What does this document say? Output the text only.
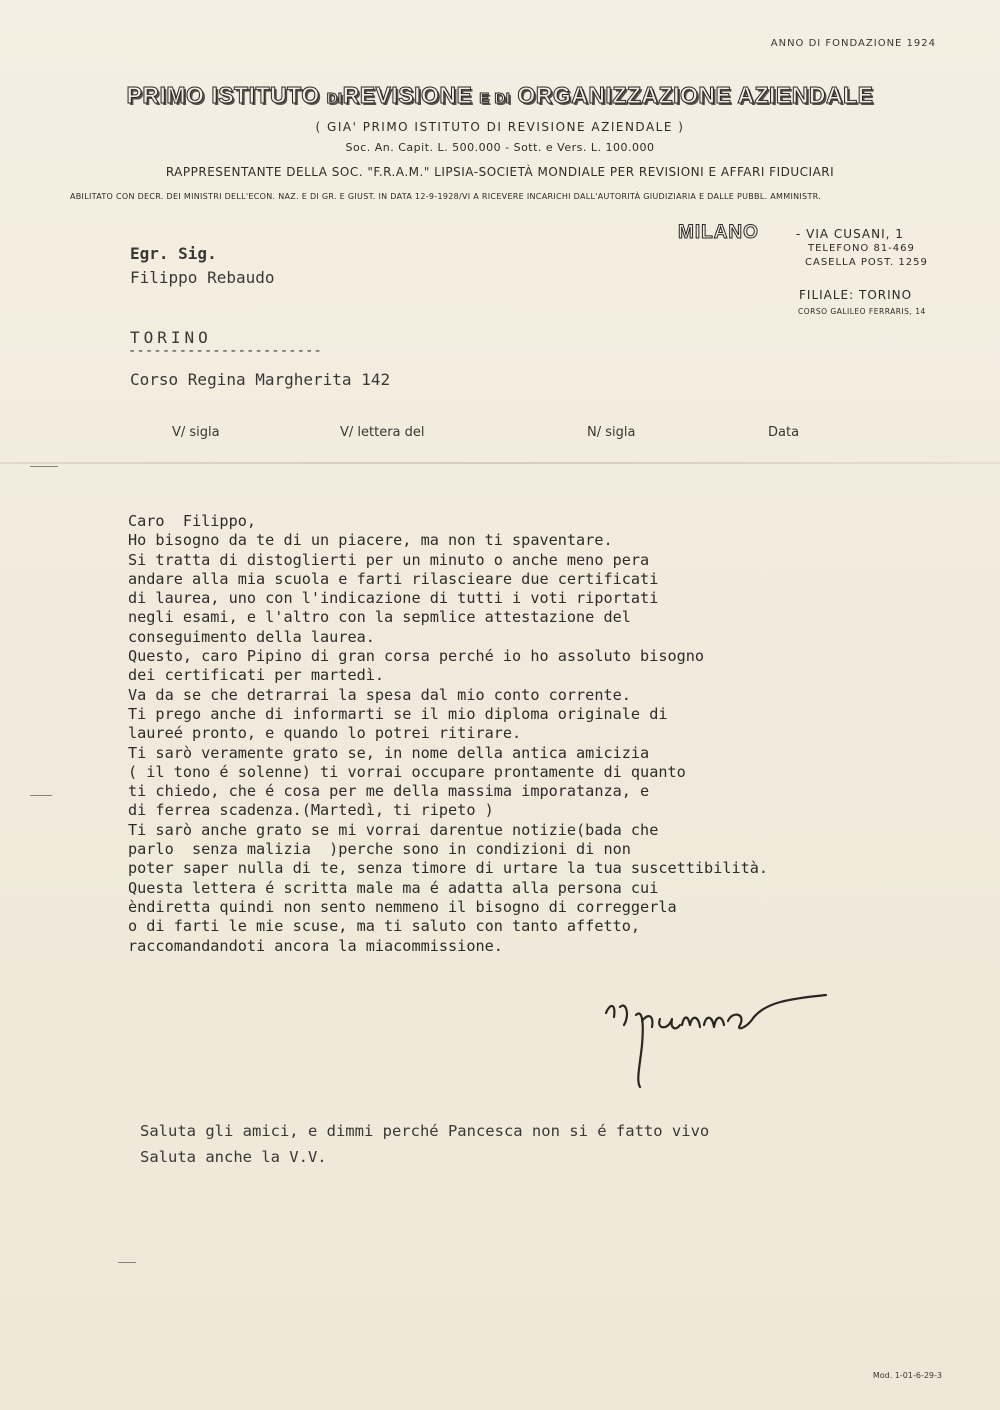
ANNO DI FONDAZIONE 1924
PRIMO ISTITUTO DIREVISIONE E DI ORGANIZZAZIONE AZIENDALE
( GIA' PRIMO ISTITUTO DI REVISIONE AZIENDALE )
Soc. An. Capit. L. 500.000 - Sott. e Vers. L. 100.000
RAPPRESENTANTE DELLA SOC. "F.R.A.M." LIPSIA-SOCIETÀ MONDIALE PER REVISIONI E AFFARI FIDUCIARI
ABILITATO CON DECR. DEI MINISTRI DELL'ECON. NAZ. E DI GR. E GIUST. IN DATA 12-9-1928/VI A RICEVERE INCARICHI DALL'AUTORITÀ GIUDIZIARIA E DALLE PUBBL. AMMINISTR.
MILANO	- VIA CUSANI, 1
TELEFONO 81-469
CASELLA POST. 1259
FILIALE: TORINO
CORSO GALILEO FERRARIS, 14
Egr. Sig.
Filippo Rebaudo
TORINO
-----------------------
Corso Regina Margherita 142
V/ sigla	V/ lettera del	N/ sigla	Data
Caro  Filippo,
Ho bisogno da te di un piacere, ma non ti spaventare.
Si tratta di distoglierti per un minuto o anche meno pera
andare alla mia scuola e farti rilascieare due certificati
di laurea, uno con l'indicazione di tutti i voti riportati
negli esami, e l'altro con la sepmlice attestazione del
conseguimento della laurea.
Questo, caro Pipino di gran corsa perché io ho assoluto bisogno
dei certificati per martedì.
Va da se che detrarrai la spesa dal mio conto corrente.
Ti prego anche di informarti se il mio diploma originale di
laureé pronto, e quando lo potrei ritirare.
Ti sarò veramente grato se, in nome della antica amicizia
( il tono é solenne) ti vorrai occupare prontamente di quanto
ti chiedo, che é cosa per me della massima imporatanza, e
di ferrea scadenza.(Martedì, ti ripeto )
Ti sarò anche grato se mi vorrai darentue notizie(bada che
parlo  senza malizia  )perche sono in condizioni di non
poter saper nulla di te, senza timore di urtare la tua suscettibilità.
Questa lettera é scritta male ma é adatta alla persona cui
èndiretta quindi non sento nemmeno il bisogno di correggerla
o di farti le mie scuse, ma ti saluto con tanto affetto,
raccomandandoti ancora la miacommissione.
Saluta gli amici, e dimmi perché Pancesca non si é fatto vivo
Saluta anche la V.V.
Mod. 1-01-6-29-3
